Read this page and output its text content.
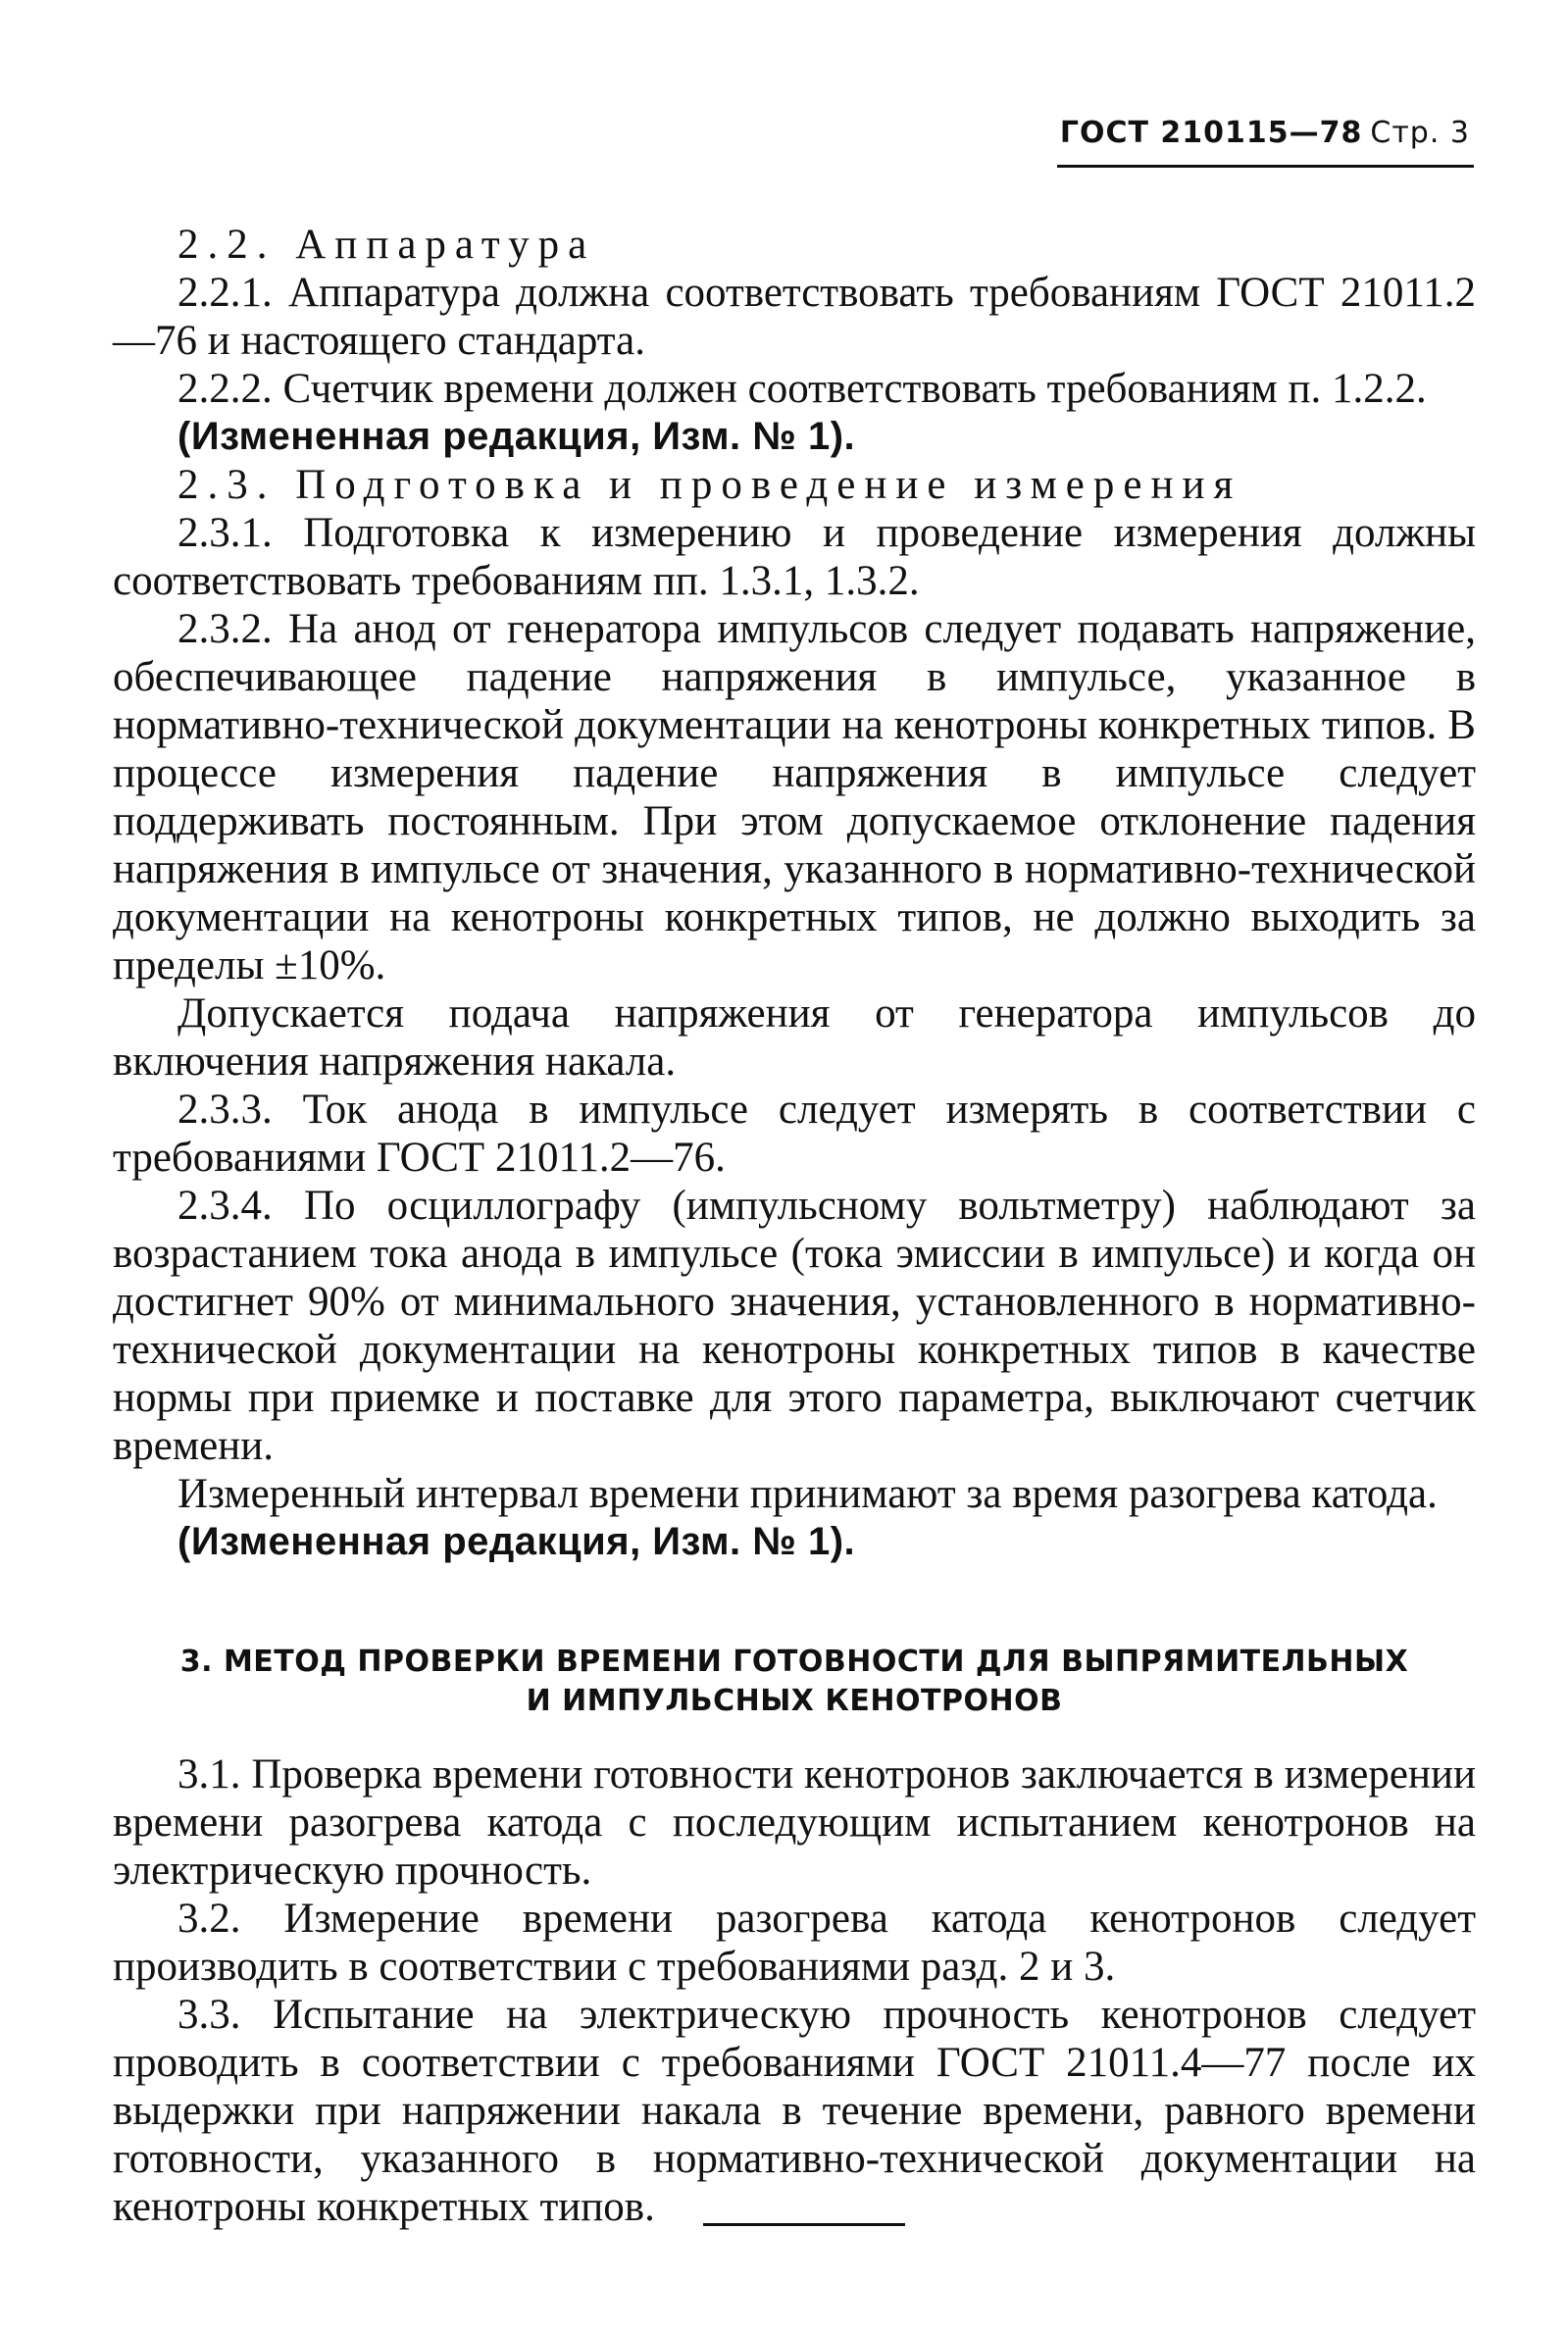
ГОСТ 210115—78 Стр. 3

2.2. Аппаратура

2.2.1. Аппаратура должна соответствовать требованиям ГОСТ 21011.2—76 и настоящего стандарта.

2.2.2. Счетчик времени должен соответствовать требованиям п. 1.2.2.

(Измененная редакция, Изм. № 1).

2.3. Подготовка и проведение измерения

2.3.1. Подготовка к измерению и проведение измерения должны соответствовать требованиям пп. 1.3.1, 1.3.2.

2.3.2. На анод от генератора импульсов следует подавать напряжение, обеспечивающее падение напряжения в импульсе, указанное в нормативно-технической документации на кенотроны конкретных типов. В процессе измерения падение напряжения в импульсе следует поддерживать постоянным. При этом допускаемое отклонение падения напряжения в импульсе от значения, указанного в нормативно-технической документации на кенотроны конкретных типов, не должно выходить за пределы ±10%.

Допускается подача напряжения от генератора импульсов до включения напряжения накала.

2.3.3. Ток анода в импульсе следует измерять в соответствии с требованиями ГОСТ 21011.2—76.

2.3.4. По осциллографу (импульсному вольтметру) наблюдают за возрастанием тока анода в импульсе (тока эмиссии в импульсе) и когда он достигнет 90% от минимального значения, установленного в нормативно-технической документации на кенотроны конкретных типов в качестве нормы при приемке и поставке для этого параметра, выключают счетчик времени.

Измеренный интервал времени принимают за время разогрева катода.

(Измененная редакция, Изм. № 1).

3. МЕТОД ПРОВЕРКИ ВРЕМЕНИ ГОТОВНОСТИ ДЛЯ ВЫПРЯМИТЕЛЬНЫХ
И ИМПУЛЬСНЫХ КЕНОТРОНОВ

3.1. Проверка времени готовности кенотронов заключается в измерении времени разогрева катода с последующим испытанием кенотронов на электрическую прочность.

3.2. Измерение времени разогрева катода кенотронов следует производить в соответствии с требованиями разд. 2 и 3.

3.3. Испытание на электрическую прочность кенотронов следует проводить в соответствии с требованиями ГОСТ 21011.4—77 после их выдержки при напряжении накала в течение времени, равного времени готовности, указанного в нормативно-технической документации на кенотроны конкретных типов.
